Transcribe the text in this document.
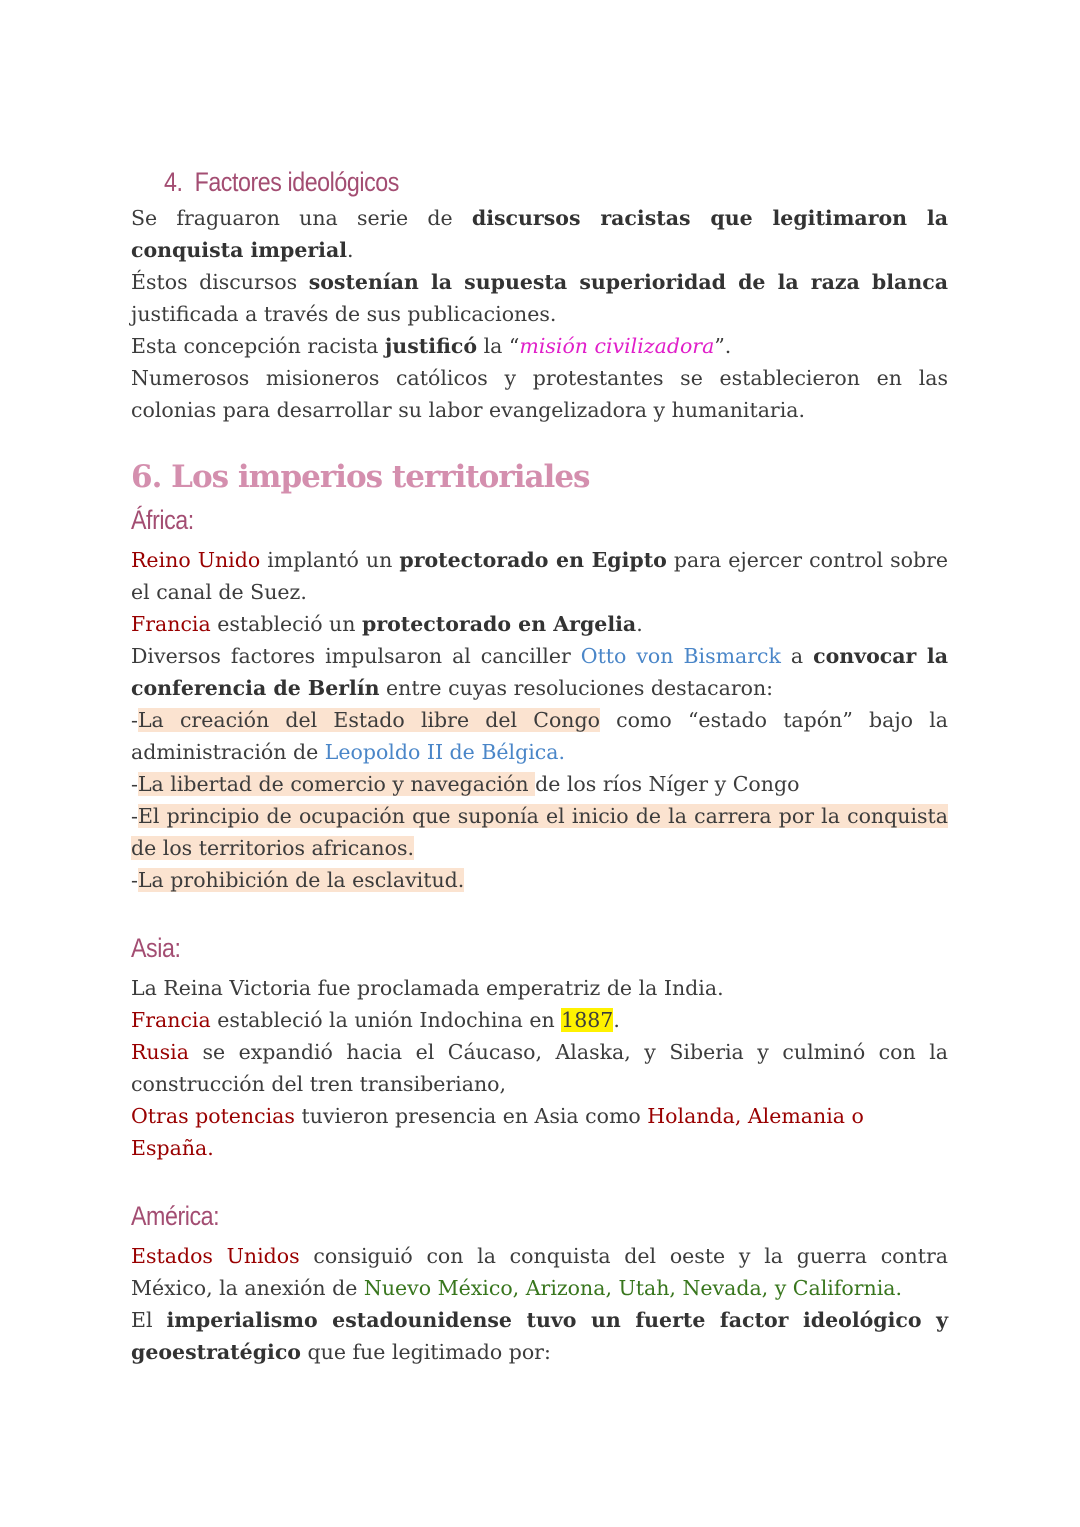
4. Factores ideológicos

Se fraguaron una serie de discursos racistas que legitimaron la conquista imperial.

Éstos discursos sostenían la supuesta superioridad de la raza blanca justificada a través de sus publicaciones.

Esta concepción racista justificó la “misión civilizadora”.

Numerosos misioneros católicos y protestantes se establecieron en las colonias para desarrollar su labor evangelizadora y humanitaria.

6. Los imperios territoriales
África:

Reino Unido implantó un protectorado en Egipto para ejercer control sobre el canal de Suez.

Francia estableció un protectorado en Argelia.

Diversos factores impulsaron al canciller Otto von Bismarck a convocar la conferencia de Berlín entre cuyas resoluciones destacaron:

-La creación del Estado libre del Congo como “estado tapón” bajo la administración de Leopoldo II de Bélgica.

-La libertad de comercio y navegación de los ríos Níger y Congo

-El principio de ocupación que suponía el inicio de la carrera por la conquista de los territorios africanos.

-La prohibición de la esclavitud.

Asia:

La Reina Victoria fue proclamada emperatriz de la India.

Francia estableció la unión Indochina en 1887.

Rusia se expandió hacia el Cáucaso, Alaska, y Siberia y culminó con la construcción del tren transiberiano,

Otras potencias tuvieron presencia en Asia como Holanda, Alemania o España.

América:

Estados Unidos consiguió con la conquista del oeste y la guerra contra México, la anexión de Nuevo México, Arizona, Utah, Nevada, y California.

El imperialismo estadounidense tuvo un fuerte factor ideológico y geoestratégico que fue legitimado por:
